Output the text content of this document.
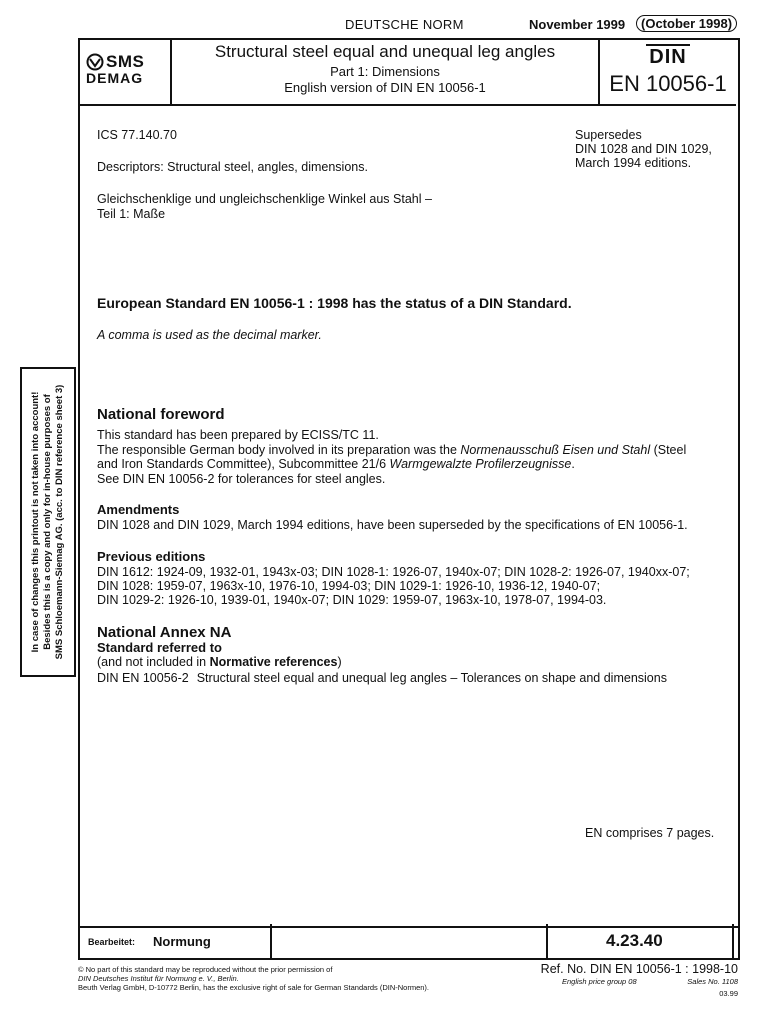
DEUTSCHE NORM	November 1999	(October 1998)
SMS
DEMAG
Structural steel equal and unequal leg angles
Part 1: Dimensions
English version of DIN EN 10056-1
DIN
EN 10056-1
ICS 77.140.70
Descriptors: Structural steel, angles, dimensions.
Gleichschenklige und ungleichschenklige Winkel aus Stahl –
Teil 1: Maße
Supersedes
DIN 1028 and DIN 1029,
March 1994 editions.
European Standard EN 10056-1 : 1998 has the status of a DIN Standard.
A comma is used as the decimal marker.
National foreword
This standard has been prepared by ECISS/TC 11.
The responsible German body involved in its preparation was the Normenausschuß Eisen und Stahl (Steel
and Iron Standards Committee), Subcommittee 21/6 Warmgewalzte Profilerzeugnisse.
See DIN EN 10056-2 for tolerances for steel angles.
Amendments
DIN 1028 and DIN 1029, March 1994 editions, have been superseded by the specifications of EN 10056-1.
Previous editions
DIN 1612: 1924-09, 1932-01, 1943x-03; DIN 1028-1: 1926-07, 1940x-07; DIN 1028-2: 1926-07, 1940xx-07;
DIN 1028: 1959-07, 1963x-10, 1976-10, 1994-03; DIN 1029-1: 1926-10, 1936-12, 1940-07;
DIN 1029-2: 1926-10, 1939-01, 1940x-07; DIN 1029: 1959-07, 1963x-10, 1978-07, 1994-03.
National Annex NA
Standard referred to
(and not included in Normative references)
DIN EN 10056-2 Structural steel equal and unequal leg angles – Tolerances on shape and dimensions
EN comprises 7 pages.
In case of changes this printout is not taken into account! Besides this is a copy and only for in-house purposes of SMS Schloemann-Siemag AG. (acc. to DIN reference sheet 3)
Bearbeitet: Normung	4.23.40
© No part of this standard may be reproduced without the prior permission of
DIN Deutsches Institut für Normung e. V., Berlin.
Beuth Verlag GmbH, D-10772 Berlin, has the exclusive right of sale for German Standards (DIN-Normen).
Ref. No. DIN EN 10056-1 : 1998-10
English price group 08	Sales No. 1108
03.99
